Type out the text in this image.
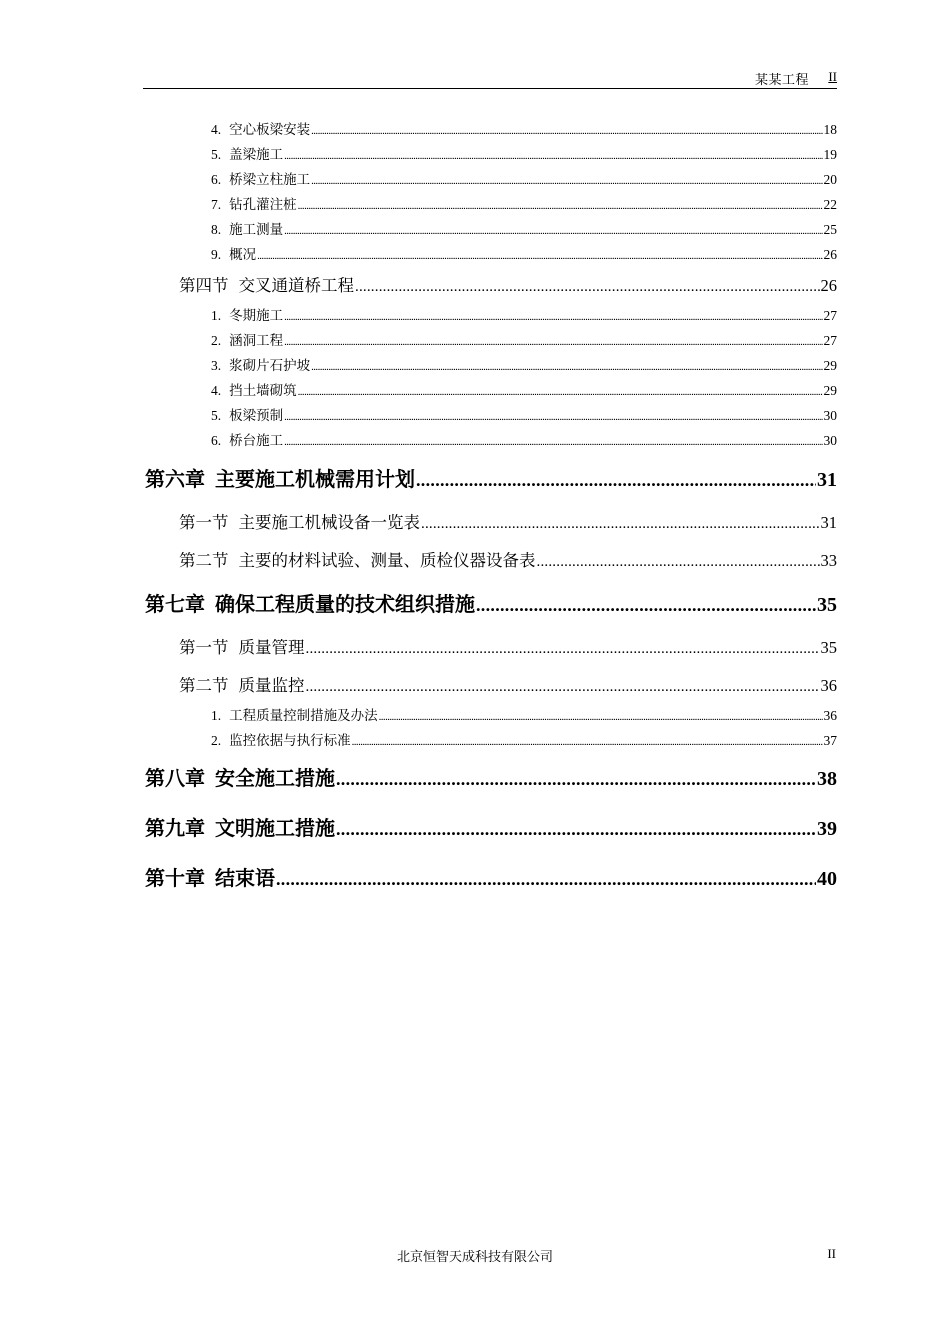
某某工程 II
4. 空心板梁安装 .....	18
5. 盖梁施工 .....	19
6. 桥梁立柱施工 .....	20
7. 钻孔灌注桩 .....	22
8. 施工测量 .....	25
9. 概况 .....	26
第四节 交叉通道桥工程 .....	26
1. 冬期施工 .....	27
2. 涵洞工程 .....	27
3. 浆砌片石护坡 .....	29
4. 挡土墙砌筑 .....	29
5. 板梁预制 .....	30
6. 桥台施工 .....	30
第六章 主要施工机械需用计划 .....	31
第一节 主要施工机械设备一览表 .....	31
第二节 主要的材料试验、测量、质检仪器设备表 .....	33
第七章 确保工程质量的技术组织措施 .....	35
第一节 质量管理 .....	35
第二节 质量监控 .....	36
1. 工程质量控制措施及办法 .....	36
2. 监控依据与执行标准 .....	37
第八章 安全施工措施 .....	38
第九章 文明施工措施 .....	39
第十章 结束语 .....	40
北京恒智天成科技有限公司	II
